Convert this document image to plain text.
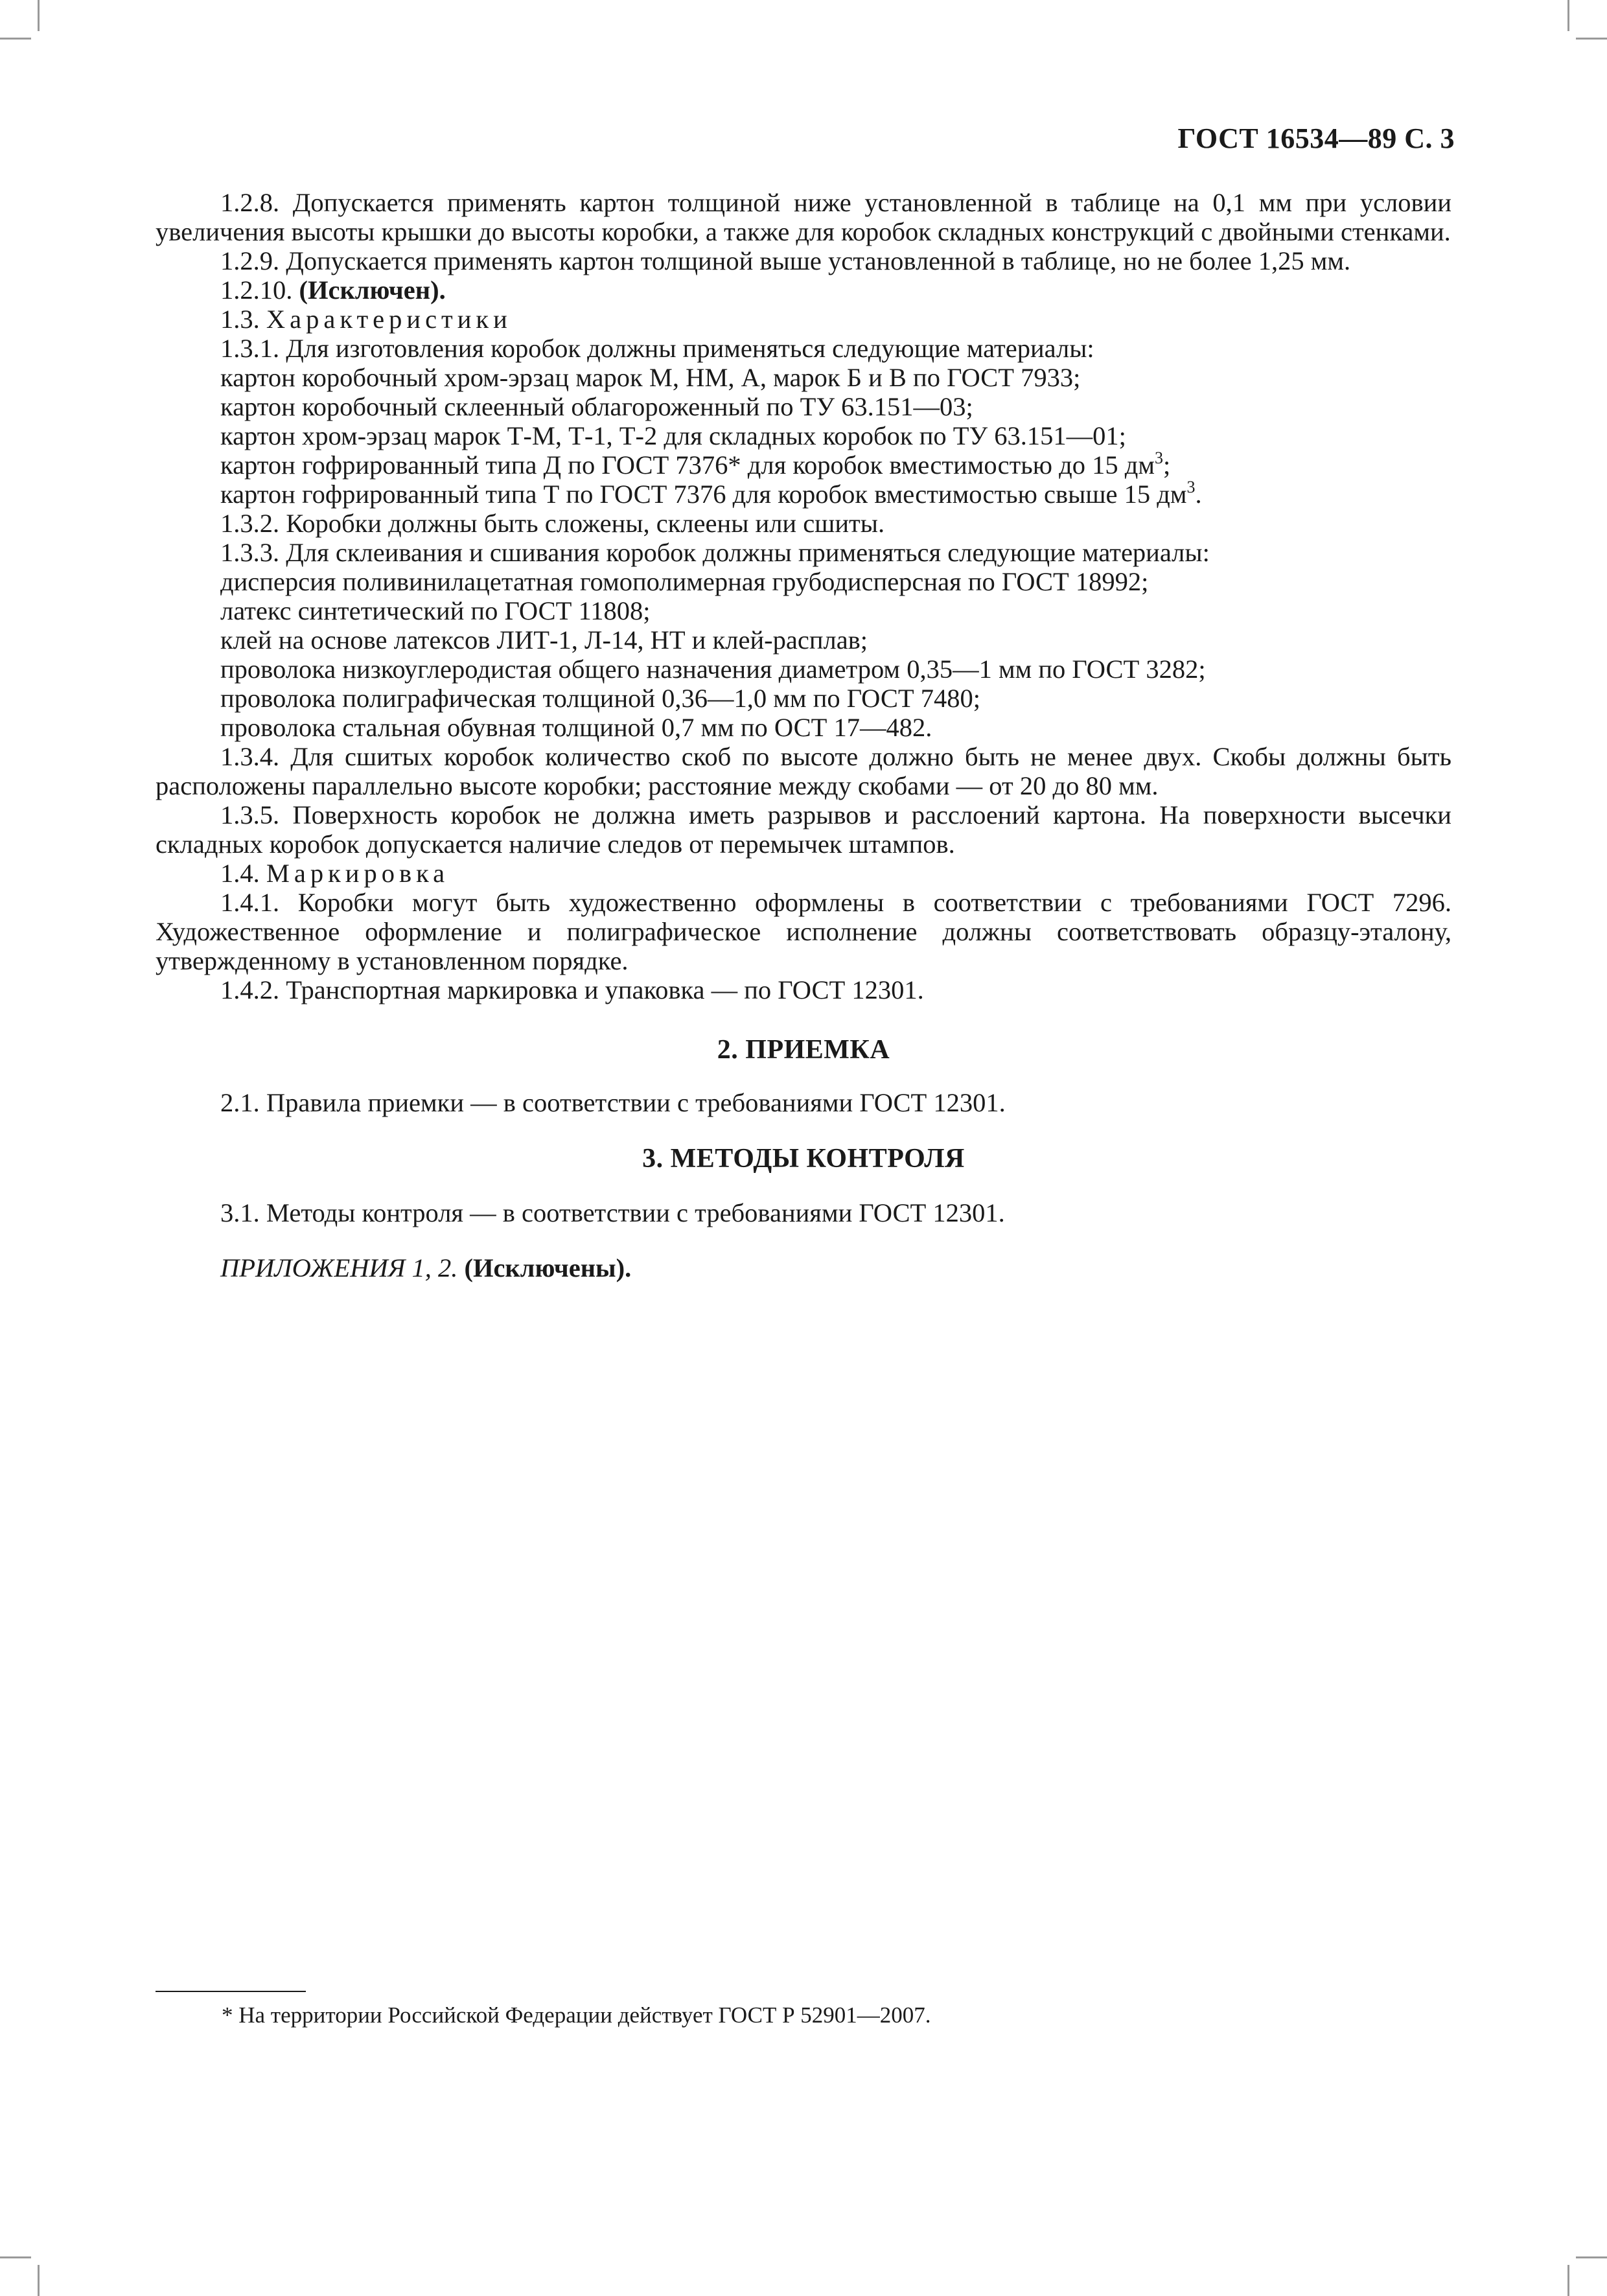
ГОСТ 16534—89 С. 3

1.2.8. Допускается применять картон толщиной ниже установленной в таблице на 0,1 мм при условии увеличения высоты крышки до высоты коробки, а также для коробок складных конструкций с двойными стенками.

1.2.9. Допускается применять картон толщиной выше установленной в таблице, но не более 1,25 мм.

1.2.10. (Исключен).

1.3. Характеристики

1.3.1. Для изготовления коробок должны применяться следующие материалы:

картон коробочный хром-эрзац марок М, НМ, А, марок Б и В по ГОСТ 7933;

картон коробочный склеенный облагороженный по ТУ 63.151—03;

картон хром-эрзац марок Т-М, Т-1, Т-2 для складных коробок по ТУ 63.151—01;

картон гофрированный типа Д по ГОСТ 7376* для коробок вместимостью до 15 $дм^3$;

картон гофрированный типа Т по ГОСТ 7376 для коробок вместимостью свыше 15 $дм^3$.

1.3.2. Коробки должны быть сложены, склеены или сшиты.

1.3.3. Для склеивания и сшивания коробок должны применяться следующие материалы:

дисперсия поливинилацетатная гомополимерная грубодисперсная по ГОСТ 18992;

латекс синтетический по ГОСТ 11808;

клей на основе латексов ЛИТ-1, Л-14, НТ и клей-расплав;

проволока низкоуглеродистая общего назначения диаметром 0,35—1 мм по ГОСТ 3282;

проволока полиграфическая толщиной 0,36—1,0 мм по ГОСТ 7480;

проволока стальная обувная толщиной 0,7 мм по ОСТ 17—482.

1.3.4. Для сшитых коробок количество скоб по высоте должно быть не менее двух. Скобы должны быть расположены параллельно высоте коробки; расстояние между скобами — от 20 до 80 мм.

1.3.5. Поверхность коробок не должна иметь разрывов и расслоений картона. На поверхности высечки складных коробок допускается наличие следов от перемычек штампов.

1.4. Маркировка

1.4.1. Коробки могут быть художественно оформлены в соответствии с требованиями ГОСТ 7296. Художественное оформление и полиграфическое исполнение должны соответствовать образцу-эталону, утвержденному в установленном порядке.

1.4.2. Транспортная маркировка и упаковка — по ГОСТ 12301.

2. ПРИЕМКА

2.1. Правила приемки — в соответствии с требованиями ГОСТ 12301.

3. МЕТОДЫ КОНТРОЛЯ

3.1. Методы контроля — в соответствии с требованиями ГОСТ 12301.

ПРИЛОЖЕНИЯ 1, 2. (Исключены).

* На территории Российской Федерации действует ГОСТ Р 52901—2007.
